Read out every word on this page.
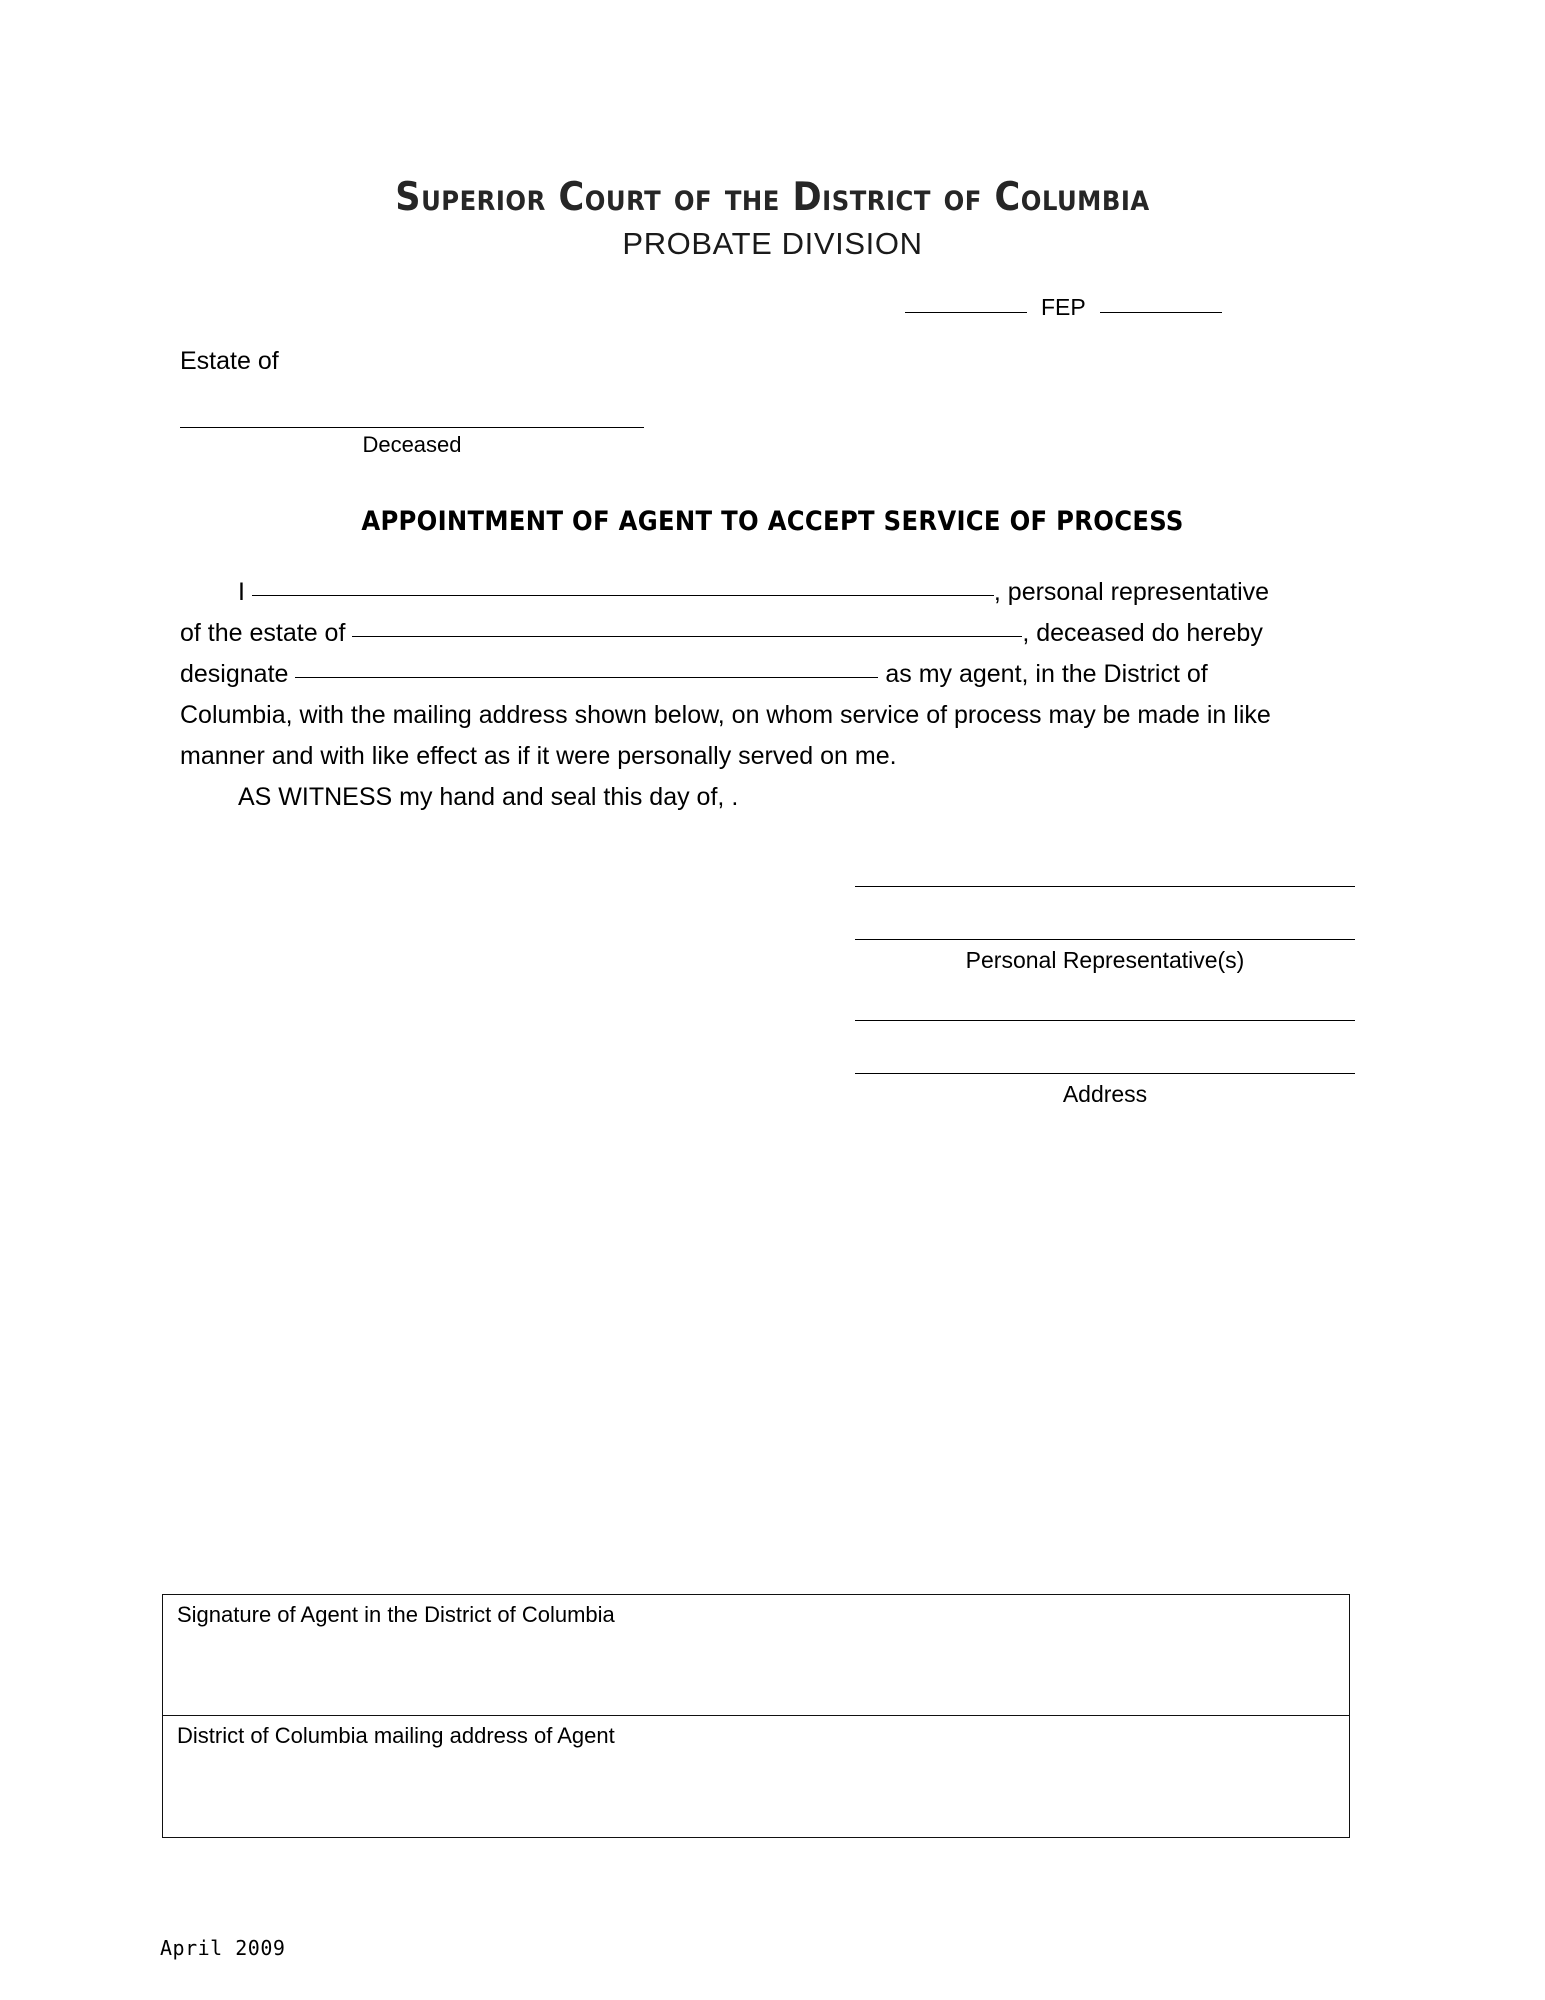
Superior Court of the District of Columbia
PROBATE DIVISION
FEP
Estate of
Deceased
APPOINTMENT OF AGENT TO ACCEPT SERVICE OF PROCESS
I	, personal representative
of the estate of	, deceased do hereby
designate	as my agent, in the District of
Columbia, with the mailing address shown below, on whom service of process may be made in like
manner and with like effect as if it were personally served on me.
AS WITNESS my hand and seal this day of, .
Personal Representative(s)
Address
Signature of Agent in the District of Columbia
District of Columbia mailing address of Agent
April 2009
